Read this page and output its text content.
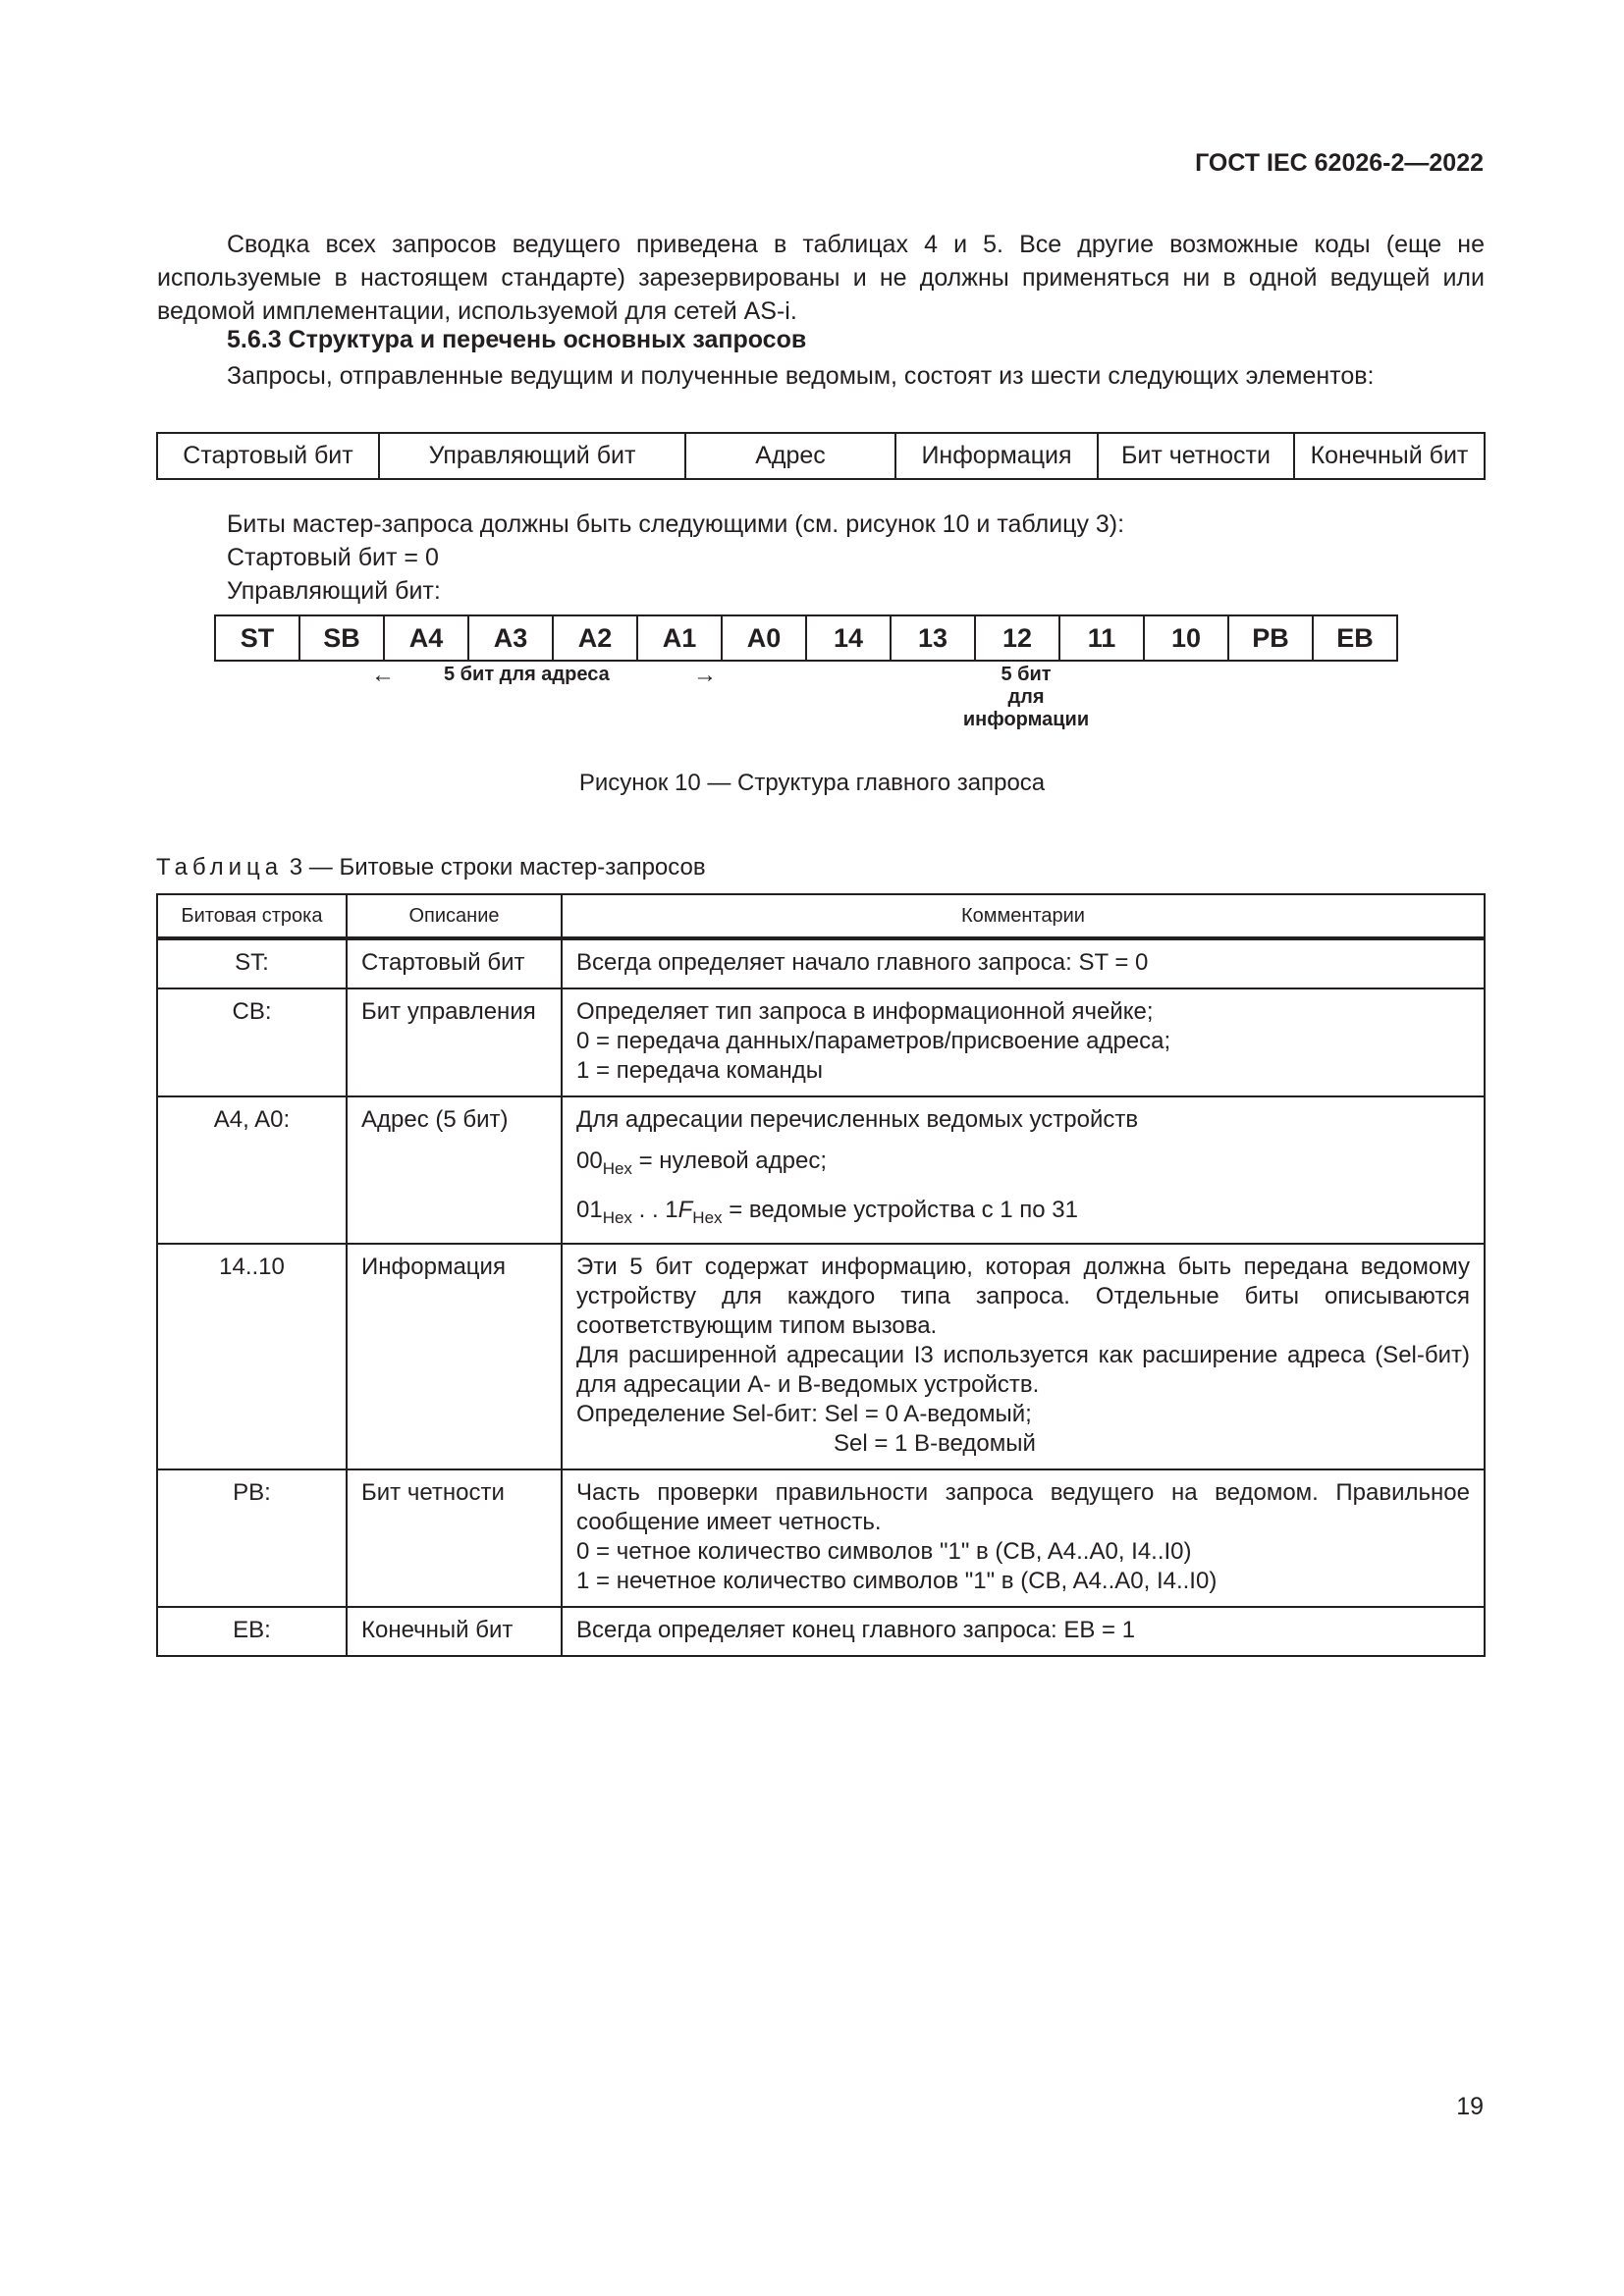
ГОСТ IEC 62026-2—2022
Сводка всех запросов ведущего приведена в таблицах 4 и 5. Все другие возможные коды (еще не используемые в настоящем стандарте) зарезервированы и не должны применяться ни в одной ведущей или ведомой имплементации, используемой для сетей AS-i.
5.6.3 Структура и перечень основных запросов
Запросы, отправленные ведущим и полученные ведомым, состоят из шести следующих элементов:
Стартовый бит	Управляющий бит	Адрес	Информация	Бит четности	Конечный бит
Биты мастер-запроса должны быть следующими (см. рисунок 10 и таблицу 3):
Стартовый бит = 0
Управляющий бит:
ST	SB	A4	A3	A2	A1	A0	14	13	12	11	10	PB	EB
←	5 бит для адреса	→	5 бит
для
информации
Рисунок 10 — Структура главного запроса
Таблица 3 — Битовые строки мастер-запросов
Битовая строка	Описание	Комментарии
ST:	Стартовый бит	Всегда определяет начало главного запроса: ST = 0

CB:	Бит управления	Определяет тип запроса в информационной ячейке;
0 = передача данных/параметров/присвоение адреса;
1 = передача команды

A4, A0:	Адрес (5 бит)	Для адресации перечисленных ведомых устройств
$00_{Hex}$ = нулевой адрес;
$01_{Hex}$ . . $1F_{Hex}$ = ведомые устройства с 1 по 31

14..10	Информация	Эти 5 бит содержат информацию, которая должна быть передана ведомому устройству для каждого типа запроса. Отдельные биты описываются соответствующим типом вызова.
Для расширенной адресации I3 используется как расширение адреса (Sel-бит) для адресации A- и B-ведомых устройств.
Определение Sel-бит: Sel = 0 A-ведомый;
Sel = 1 B-ведомый

PB:	Бит четности	Часть проверки правильности запроса ведущего на ведомом. Правильное сообщение имеет четность.
0 = четное количество символов "1" в (CB, A4..A0, I4..I0)
1 = нечетное количество символов "1" в (CB, A4..A0, I4..I0)

EB:	Конечный бит	Всегда определяет конец главного запроса: EB = 1
19
